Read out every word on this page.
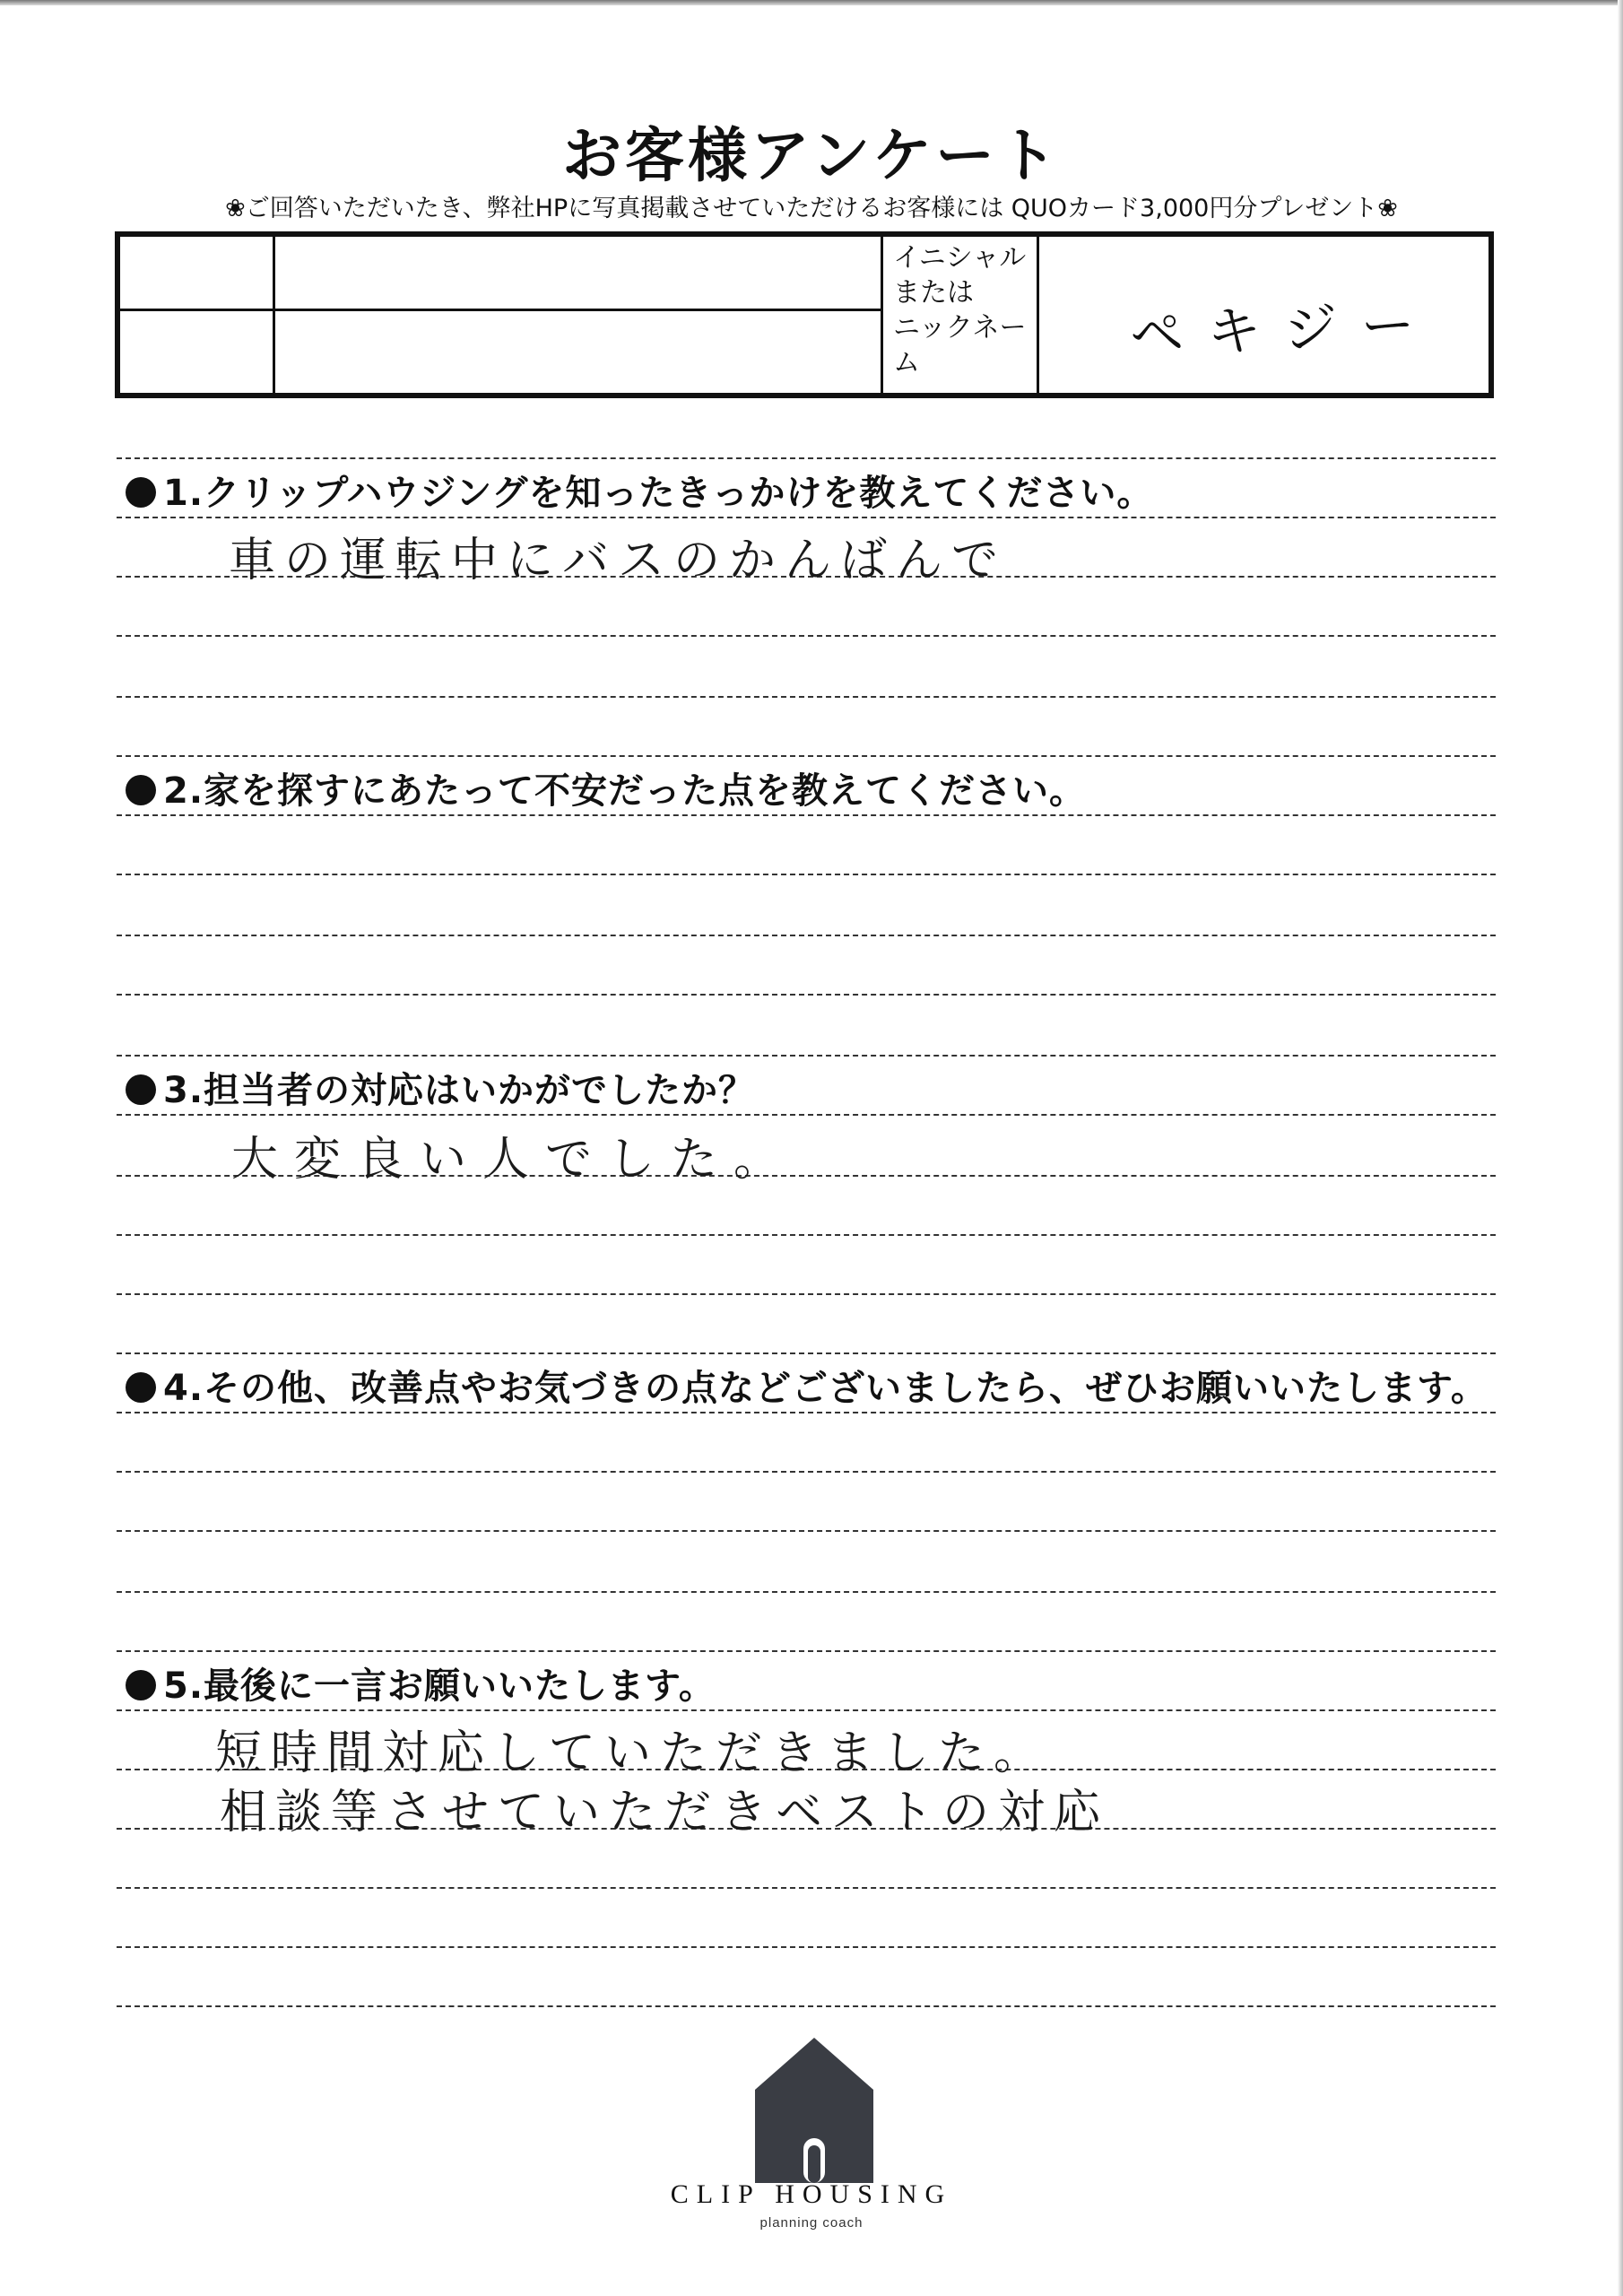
お客様アンケート
❀ご回答いただいたき、弊社HPに写真掲載させていただけるお客様には QUOカード3,000円分プレゼント❀
イニシャル
または
ニックネー
ム	ペキジー
1.クリップハウジングを知ったきっかけを教えてください。
車の運転中にバスのかんばんで
2.家を探すにあたって不安だった点を教えてください。
3.担当者の対応はいかがでしたか？
大変良い人でした。
4.その他、改善点やお気づきの点などございましたら、ぜひお願いいたします。
5.最後に一言お願いいたします。
短時間対応していただきました。
相談等させていただきベストの対応
CLIP HOUSING
planning coach
